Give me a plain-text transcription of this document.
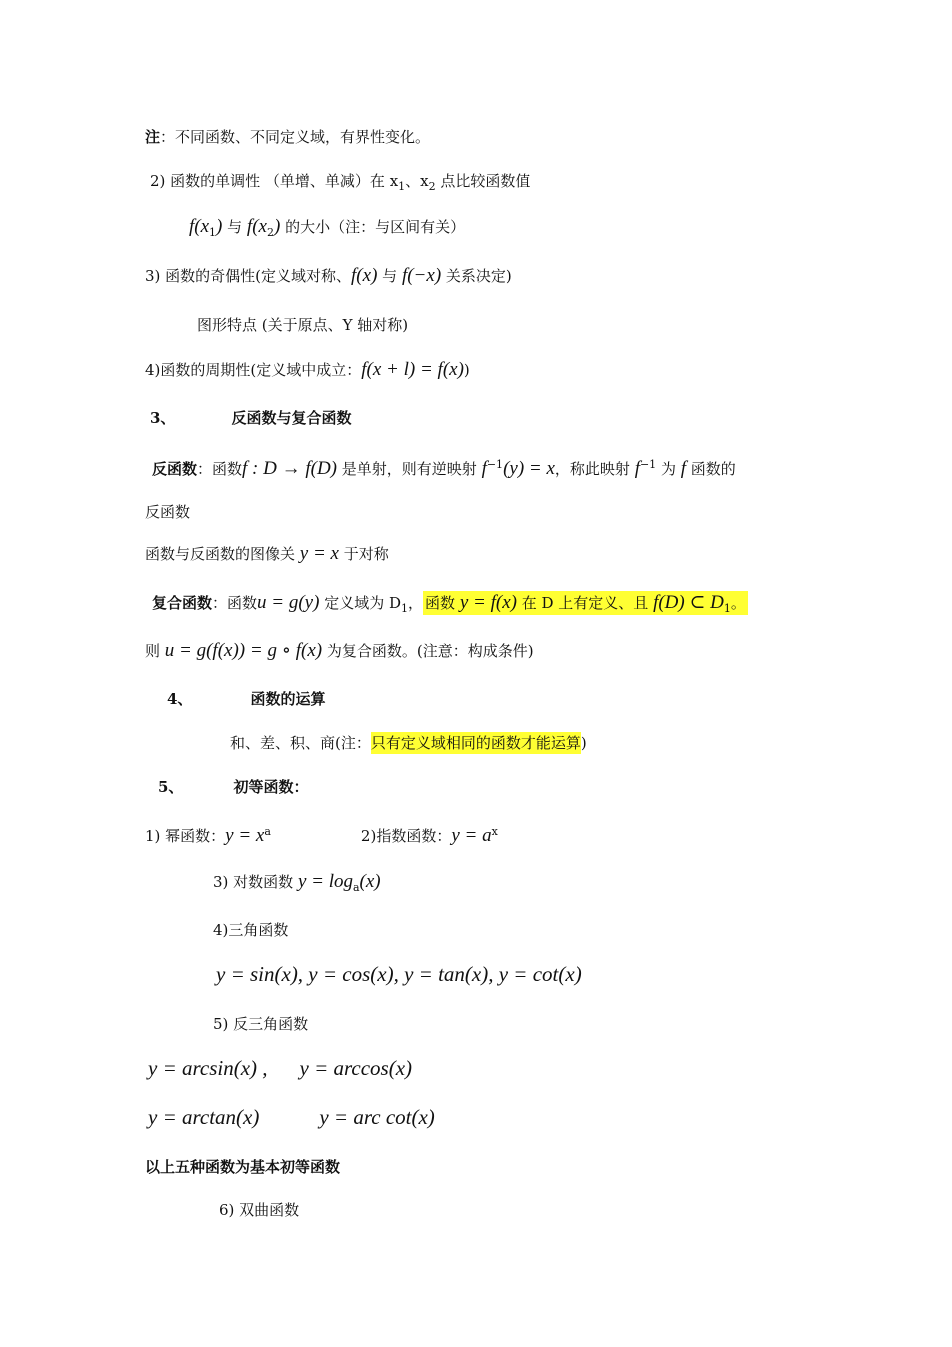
注：不同函数、不同定义域，有界性变化。
2) 函数的单调性 （单增、单减）在 $x_1$、$x_2$ 点比较函数值
$f(x_1)$ 与 $f(x_2)$ 的大小（注：与区间有关）
3) 函数的奇偶性(定义域对称、f(x) 与 f(−x) 关系决定)
图形特点 (关于原点、Y 轴对称)
4)函数的周期性(定义域中成立：f(x + l) = f(x))
3、	反函数与复合函数
反函数：函数f : D → f(D) 是单射，则有逆映射 $f^{-1}(y) = x$，称此映射 $f^{-1}$ 为 f 函数的
反函数
函数与反函数的图像关 y = x 于对称
复合函数：函数u = g(y) 定义域为 $D_1$， 函数 y = f(x) 在 D 上有定义、且 f(D) ⊂ $D_1$。
则 u = g(f(x)) = g ∘ f(x) 为复合函数。(注意：构成条件)
4、	函数的运算
和、差、积、商(注：只有定义域相同的函数才能运算)
5、	初等函数：
1) 幂函数：$y = x^a$	2)指数函数：$y = a^x$
3) 对数函数 $y = \log_a(x)$
4)三角函数
y = sin(x), y = cos(x), y = tan(x), y = cot(x)
5) 反三角函数
y = arcsin(x) , y = arccos(x)
y = arctan(x)	y = arc cot(x)
以上五种函数为基本初等函数
6) 双曲函数
